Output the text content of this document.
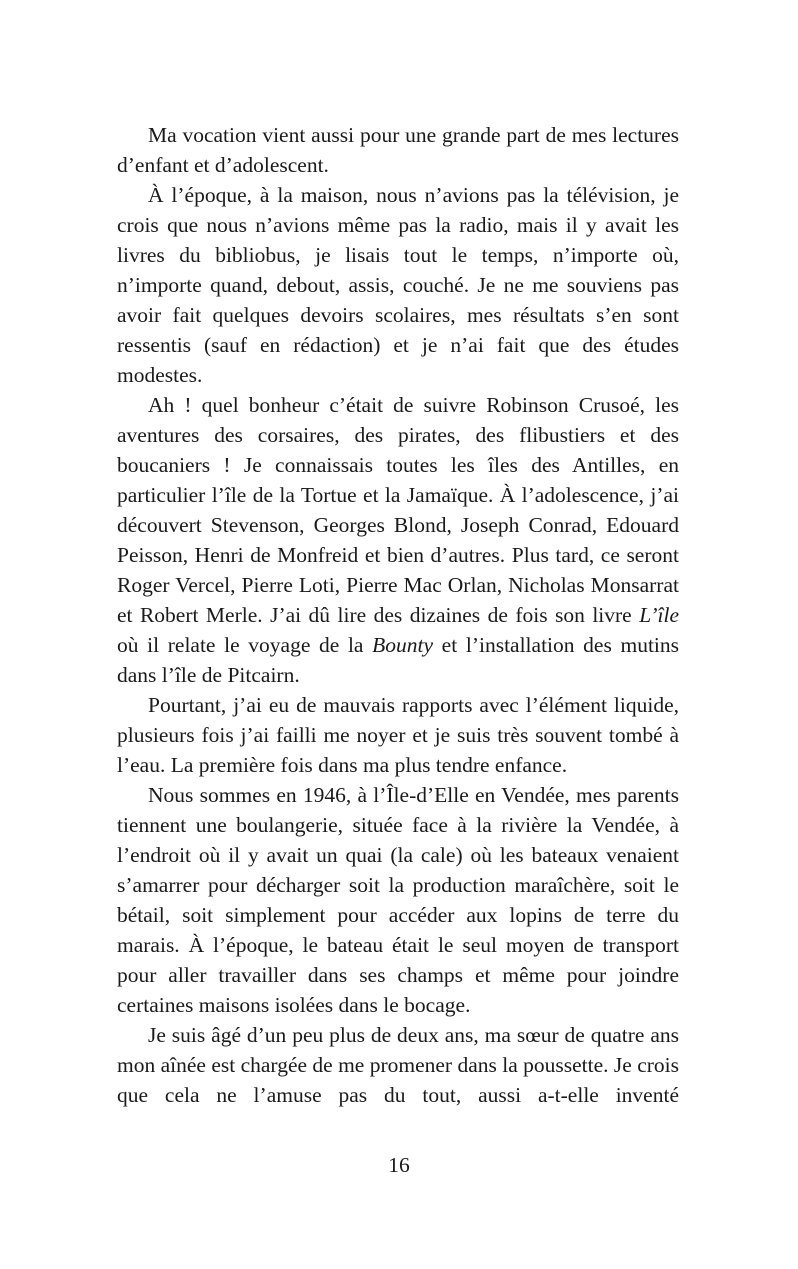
Ma vocation vient aussi pour une grande part de mes lectures d’enfant et d’adolescent.

À l’époque, à la maison, nous n’avions pas la télévision, je crois que nous n’avions même pas la radio, mais il y avait les livres du bibliobus, je lisais tout le temps, n’importe où, n’importe quand, debout, assis, couché. Je ne me souviens pas avoir fait quelques devoirs scolaires, mes résultats s’en sont ressentis (sauf en rédaction) et je n’ai fait que des études modestes.

Ah ! quel bonheur c’était de suivre Robinson Crusoé, les aventures des corsaires, des pirates, des flibustiers et des boucaniers ! Je connaissais toutes les îles des Antilles, en particulier l’île de la Tortue et la Jamaïque. À l’adolescence, j’ai découvert Stevenson, Georges Blond, Joseph Conrad, Edouard Peisson, Henri de Monfreid et bien d’autres. Plus tard, ce seront Roger Vercel, Pierre Loti, Pierre Mac Orlan, Nicholas Monsarrat et Robert Merle. J’ai dû lire des dizaines de fois son livre L’île où il relate le voyage de la Bounty et l’installation des mutins dans l’île de Pitcairn.

Pourtant, j’ai eu de mauvais rapports avec l’élément liquide, plusieurs fois j’ai failli me noyer et je suis très souvent tombé à l’eau. La première fois dans ma plus tendre enfance.

Nous sommes en 1946, à l’Île-d’Elle en Vendée, mes parents tiennent une boulangerie, située face à la rivière la Vendée, à l’endroit où il y avait un quai (la cale) où les bateaux venaient s’amarrer pour décharger soit la production maraîchère, soit le bétail, soit simplement pour accéder aux lopins de terre du marais. À l’époque, le bateau était le seul moyen de transport pour aller travailler dans ses champs et même pour joindre certaines maisons isolées dans le bocage.

Je suis âgé d’un peu plus de deux ans, ma sœur de quatre ans mon aînée est chargée de me promener dans la poussette. Je crois que cela ne l’amuse pas du tout, aussi a-t-elle inventé

16
